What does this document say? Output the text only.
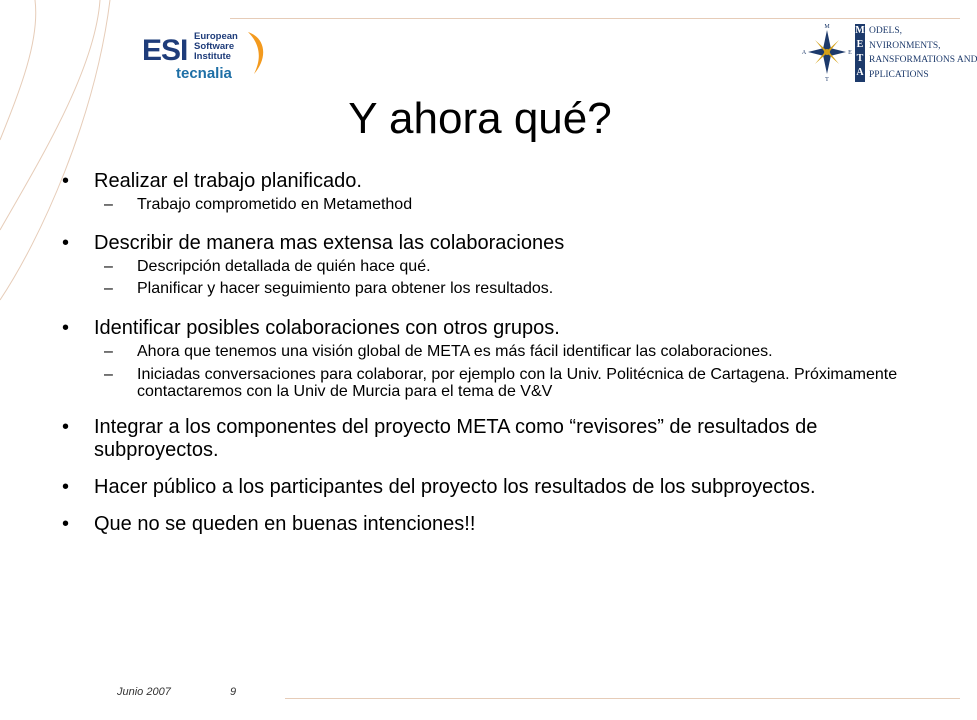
ESI European
Software
Institute
tecnalia
M
E
T
A
M
E
T
A
ODELS,
NVIRONMENTS,
RANSFORMATIONS AND
PPLICATIONS
Y ahora qué?
• Realizar el trabajo planificado.
– Trabajo comprometido en Metamethod
• Describir de manera mas extensa las colaboraciones
– Descripción detallada de quién hace qué.
– Planificar y hacer seguimiento para obtener los resultados.
• Identificar posibles colaboraciones con otros grupos.
– Ahora que tenemos una visión global de META es más fácil identificar las colaboraciones.
– Iniciadas conversaciones para colaborar, por ejemplo con la Univ. Politécnica de Cartagena. Próximamente contactaremos con la Univ de Murcia para el tema de V&V
• Integrar a los componentes del proyecto META como “revisores” de resultados de subproyectos.
• Hacer público a los participantes del proyecto los resultados de los subproyectos.
• Que no se queden en buenas intenciones!!
Junio 2007	9
